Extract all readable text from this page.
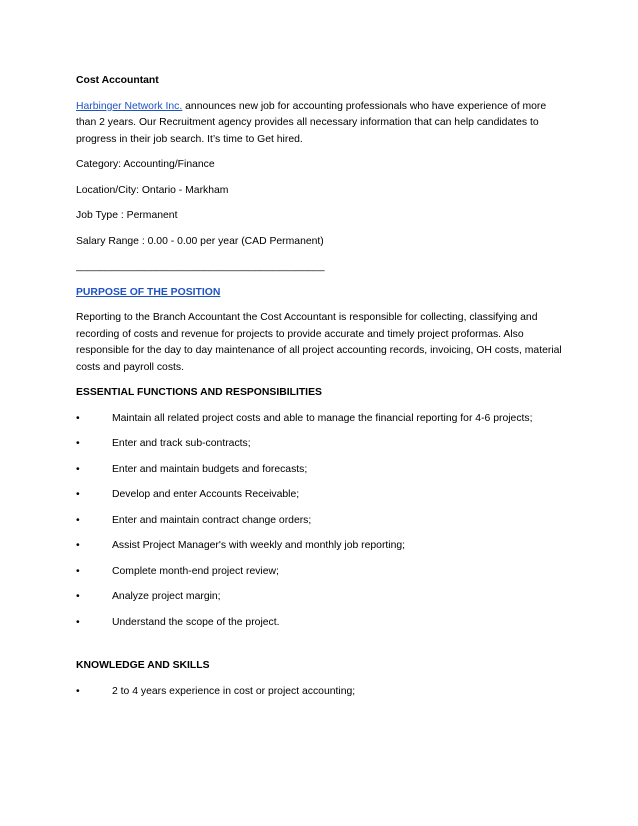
Cost Accountant
Harbinger Network Inc. announces new job for accounting professionals who have experience of more than 2 years. Our Recruitment agency provides all necessary information that can help candidates to progress in their job search. It’s time to Get hired.
Category: Accounting/Finance
Location/City: Ontario - Markham
Job Type : Permanent
Salary Range : 0.00 - 0.00 per year (CAD Permanent)
___________________________________________
PURPOSE OF THE POSITION
Reporting to the Branch Accountant the Cost Accountant is responsible for collecting, classifying and recording of costs and revenue for projects to provide accurate and timely project proformas. Also responsible for the day to day maintenance of all project accounting records, invoicing, OH costs, material costs and payroll costs.
ESSENTIAL FUNCTIONS AND RESPONSIBILITIES
•	Maintain all related project costs and able to manage the financial reporting for 4-6 projects;
•	Enter and track sub-contracts;
•	Enter and maintain budgets and forecasts;
•	Develop and enter Accounts Receivable;
•	Enter and maintain contract change orders;
•	Assist Project Manager's with weekly and monthly job reporting;
•	Complete month-end project review;
•	Analyze project margin;
•	Understand the scope of the project.
KNOWLEDGE AND SKILLS
•	2 to 4 years experience in cost or project accounting;
